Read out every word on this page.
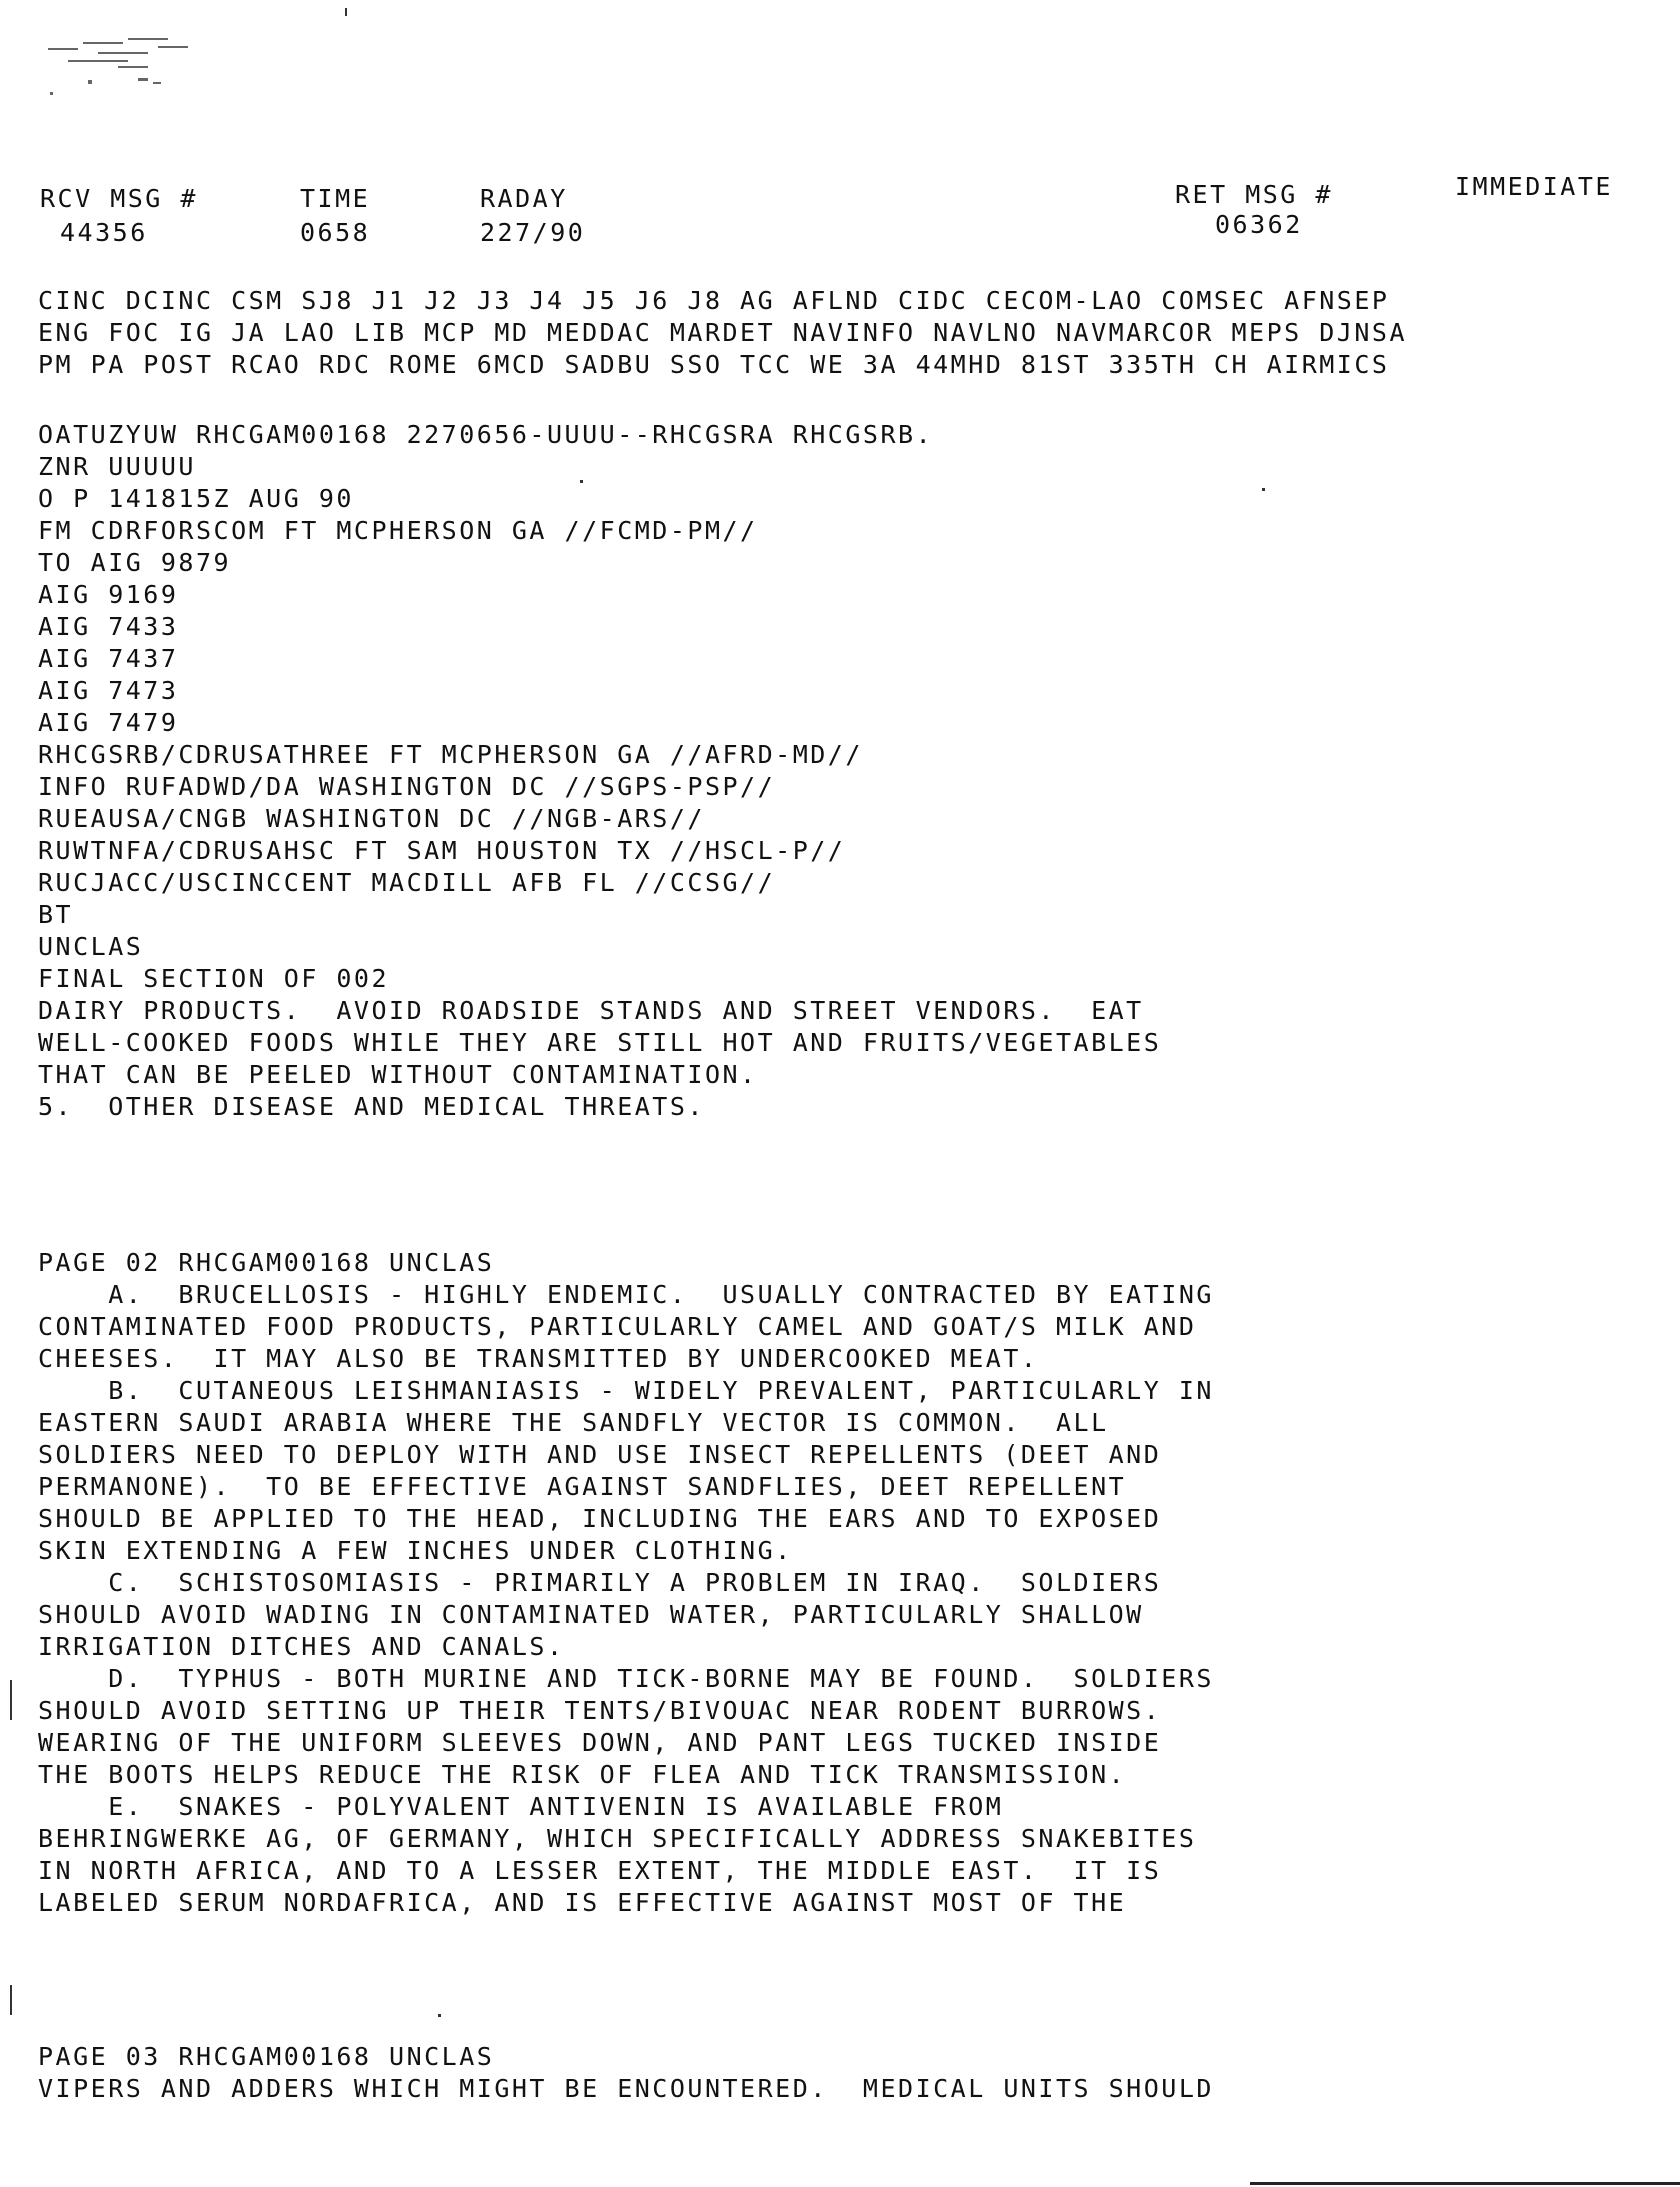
RCV MSG #
44356
TIME
0658
RADAY
227/90
RET MSG #
06362
IMMEDIATE
CINC DCINC CSM SJ8 J1 J2 J3 J4 J5 J6 J8 AG AFLND CIDC CECOM-LAO COMSEC AFNSEP
ENG FOC IG JA LAO LIB MCP MD MEDDAC MARDET NAVINFO NAVLNO NAVMARCOR MEPS DJNSA
PM PA POST RCAO RDC ROME 6MCD SADBU SSO TCC WE 3A 44MHD 81ST 335TH CH AIRMICS
OATUZYUW RHCGAM00168 2270656-UUUU--RHCGSRA RHCGSRB.
ZNR UUUUU
O P 141815Z AUG 90
FM CDRFORSCOM FT MCPHERSON GA //FCMD-PM//
TO AIG 9879
AIG 9169
AIG 7433
AIG 7437
AIG 7473
AIG 7479
RHCGSRB/CDRUSATHREE FT MCPHERSON GA //AFRD-MD//
INFO RUFADWD/DA WASHINGTON DC //SGPS-PSP//
RUEAUSA/CNGB WASHINGTON DC //NGB-ARS//
RUWTNFA/CDRUSAHSC FT SAM HOUSTON TX //HSCL-P//
RUCJACC/USCINCCENT MACDILL AFB FL //CCSG//
BT
UNCLAS
FINAL SECTION OF 002
DAIRY PRODUCTS.  AVOID ROADSIDE STANDS AND STREET VENDORS.  EAT
WELL-COOKED FOODS WHILE THEY ARE STILL HOT AND FRUITS/VEGETABLES
THAT CAN BE PEELED WITHOUT CONTAMINATION.
5.  OTHER DISEASE AND MEDICAL THREATS.
PAGE 02 RHCGAM00168 UNCLAS
A.  BRUCELLOSIS - HIGHLY ENDEMIC.  USUALLY CONTRACTED BY EATING
CONTAMINATED FOOD PRODUCTS, PARTICULARLY CAMEL AND GOAT/S MILK AND
CHEESES.  IT MAY ALSO BE TRANSMITTED BY UNDERCOOKED MEAT.
B.  CUTANEOUS LEISHMANIASIS - WIDELY PREVALENT, PARTICULARLY IN
EASTERN SAUDI ARABIA WHERE THE SANDFLY VECTOR IS COMMON.  ALL
SOLDIERS NEED TO DEPLOY WITH AND USE INSECT REPELLENTS (DEET AND
PERMANONE).  TO BE EFFECTIVE AGAINST SANDFLIES, DEET REPELLENT
SHOULD BE APPLIED TO THE HEAD, INCLUDING THE EARS AND TO EXPOSED
SKIN EXTENDING A FEW INCHES UNDER CLOTHING.
C.  SCHISTOSOMIASIS - PRIMARILY A PROBLEM IN IRAQ.  SOLDIERS
SHOULD AVOID WADING IN CONTAMINATED WATER, PARTICULARLY SHALLOW
IRRIGATION DITCHES AND CANALS.
D.  TYPHUS - BOTH MURINE AND TICK-BORNE MAY BE FOUND.  SOLDIERS
SHOULD AVOID SETTING UP THEIR TENTS/BIVOUAC NEAR RODENT BURROWS.
WEARING OF THE UNIFORM SLEEVES DOWN, AND PANT LEGS TUCKED INSIDE
THE BOOTS HELPS REDUCE THE RISK OF FLEA AND TICK TRANSMISSION.
E.  SNAKES - POLYVALENT ANTIVENIN IS AVAILABLE FROM
BEHRINGWERKE AG, OF GERMANY, WHICH SPECIFICALLY ADDRESS SNAKEBITES
IN NORTH AFRICA, AND TO A LESSER EXTENT, THE MIDDLE EAST.  IT IS
LABELED SERUM NORDAFRICA, AND IS EFFECTIVE AGAINST MOST OF THE
PAGE 03 RHCGAM00168 UNCLAS
VIPERS AND ADDERS WHICH MIGHT BE ENCOUNTERED.  MEDICAL UNITS SHOULD
